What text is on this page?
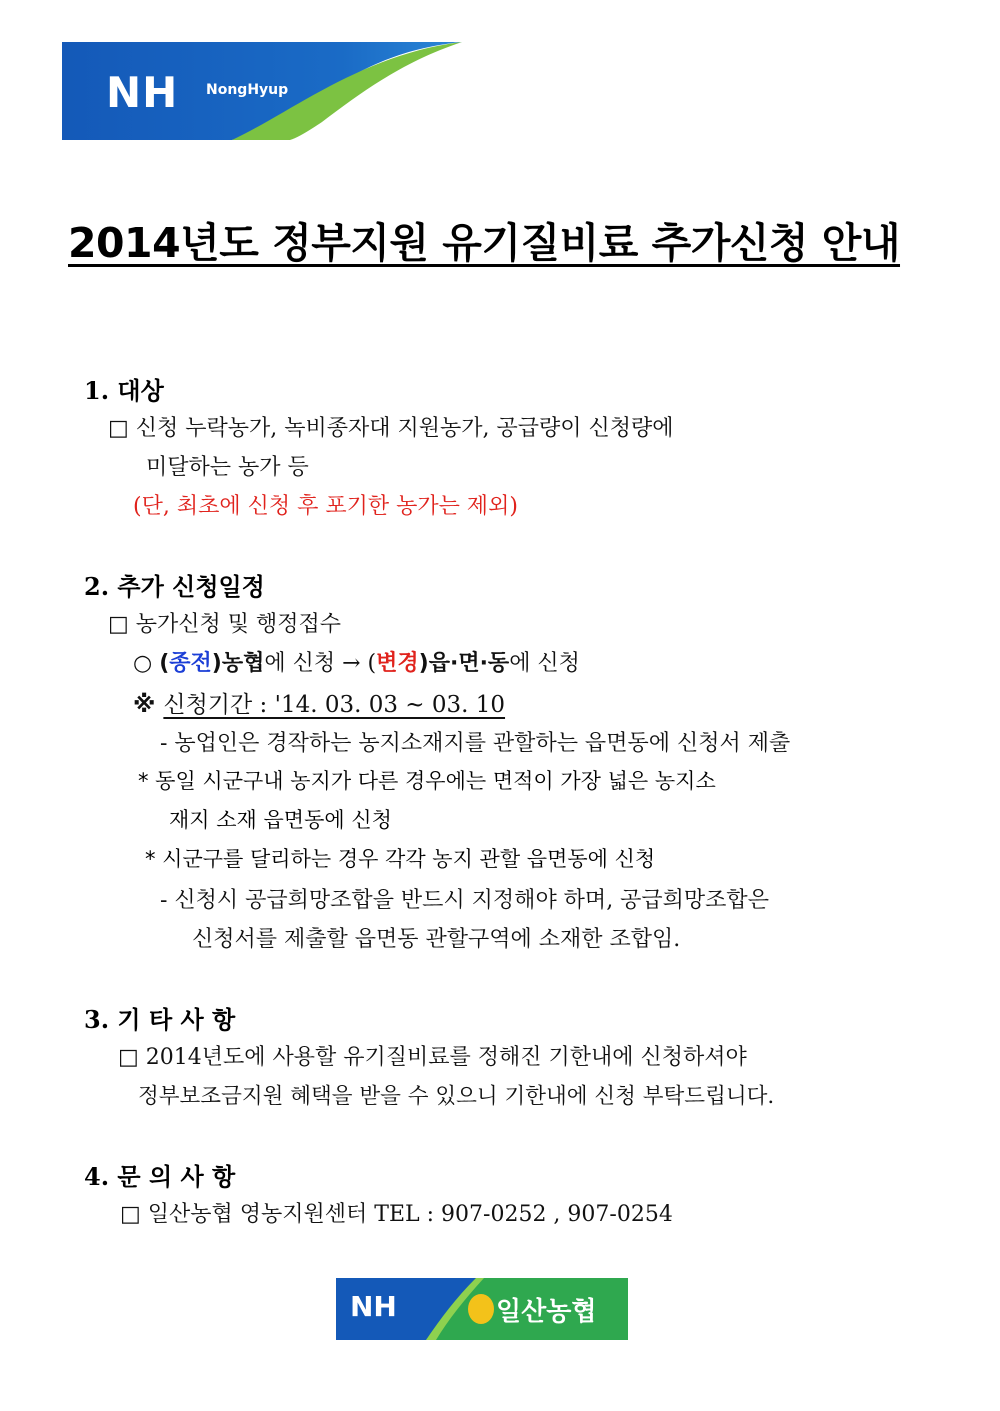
NH NongHyup
2014년도 정부지원 유기질비료 추가신청 안내
1. 대상
□ 신청 누락농가, 녹비종자대 지원농가, 공급량이 신청량에
미달하는 농가 등
(단, 최초에 신청 후 포기한 농가는 제외)
2. 추가 신청일정
□ 농가신청 및 행정접수
○ (종전)농협에 신청 → (변경)읍·면·동에 신청
※ 신청기간 : '14. 03. 03 ~ 03. 10
- 농업인은 경작하는 농지소재지를 관할하는 읍면동에 신청서 제출
* 동일 시군구내 농지가 다른 경우에는 면적이 가장 넓은 농지소
재지 소재 읍면동에 신청
* 시군구를 달리하는 경우 각각 농지 관할 읍면동에 신청
- 신청시 공급희망조합을 반드시 지정해야 하며, 공급희망조합은
신청서를 제출할 읍면동 관할구역에 소재한 조합임.
3. 기 타 사 항
□ 2014년도에 사용할 유기질비료를 정해진 기한내에 신청하셔야
정부보조금지원 혜택을 받을 수 있으니 기한내에 신청 부탁드립니다.
4. 문 의 사 항
□ 일산농협 영농지원센터 TEL : 907-0252 , 907-0254
NH	일산농협
